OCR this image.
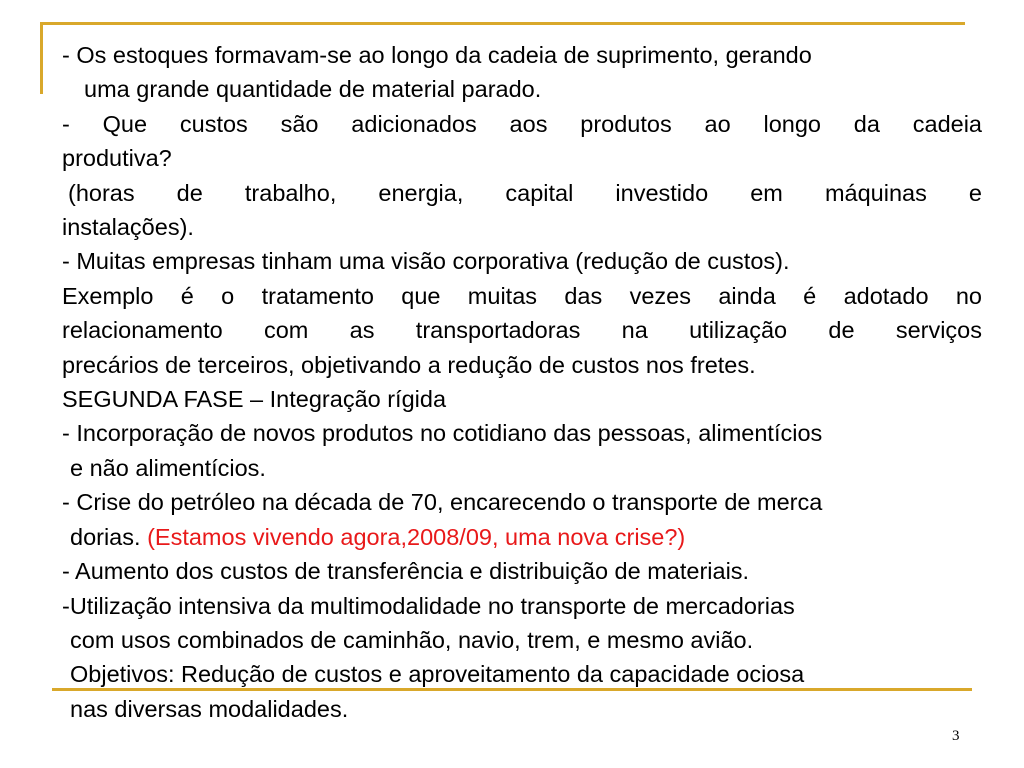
- Os estoques formavam-se ao longo da cadeia de suprimento, gerando

uma grande quantidade de material parado.

- Que custos são adicionados aos produtos ao longo da cadeia

produtiva?

(horas de trabalho, energia, capital investido em máquinas e

instalações).

- Muitas empresas tinham uma visão corporativa (redução de custos).

Exemplo é o tratamento que muitas das vezes ainda é adotado no

relacionamento com as transportadoras na utilização de serviços

precários de terceiros, objetivando a redução de custos nos fretes.

SEGUNDA FASE – Integração rígida

- Incorporação de novos produtos no cotidiano das pessoas, alimentícios

e não alimentícios.

- Crise do petróleo na década de 70, encarecendo o transporte de merca

dorias. (Estamos vivendo agora,2008/09, uma nova crise?)

- Aumento dos custos de transferência e distribuição de materiais.

-Utilização intensiva da multimodalidade no transporte de mercadorias

com usos combinados de caminhão, navio, trem, e mesmo avião.

Objetivos: Redução de custos e aproveitamento da capacidade ociosa

nas diversas modalidades.

3
